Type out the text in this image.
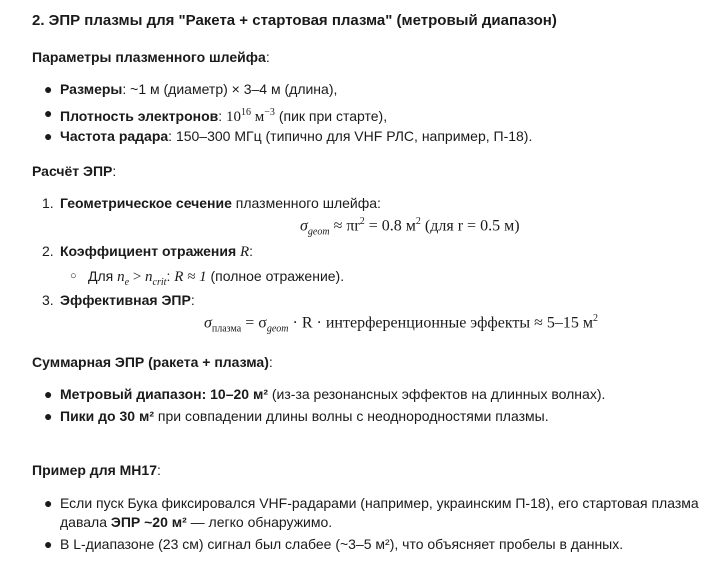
2. ЭПР плазмы для "Ракета + стартовая плазма" (метровый диапазон)

Параметры плазменного шлейфа:

● Размеры: ~1 м (диаметр) × 3–4 м (длина),
● Плотность электронов: $10^{16}$ $м^{-3}$ (пик при старте),
● Частота радара: 150–300 МГц (типично для VHF РЛС, например, П-18).

Расчёт ЭПР:

1. Геометрическое сечение плазменного шлейфа:
$\sigma_{geom} \approx \pi r^2 = 0.8$ $м^2$ (для r = 0.5 м)
2. Коэффициент отражения R:
○ Для $n_e > n_{crit}$: R ≈ 1 (полное отражение).
3. Эффективная ЭПР:
$\sigma_{плазма} = \sigma_{geom} \cdot R$ · интерференционные эффекты ≈ 5–15 $м^2$

Суммарная ЭПР (ракета + плазма):

● Метровый диапазон: 10–20 м² (из-за резонансных эффектов на длинных волнах).
● Пики до 30 м² при совпадении длины волны с неоднородностями плазмы.

Пример для МН17:

● Если пуск Бука фиксировался VHF-радарами (например, украинским П-18), его стартовая плазма
давала ЭПР ~20 м² — легко обнаружимо.
● В L-диапазоне (23 см) сигнал был слабее (~3–5 м²), что объясняет пробелы в данных.
